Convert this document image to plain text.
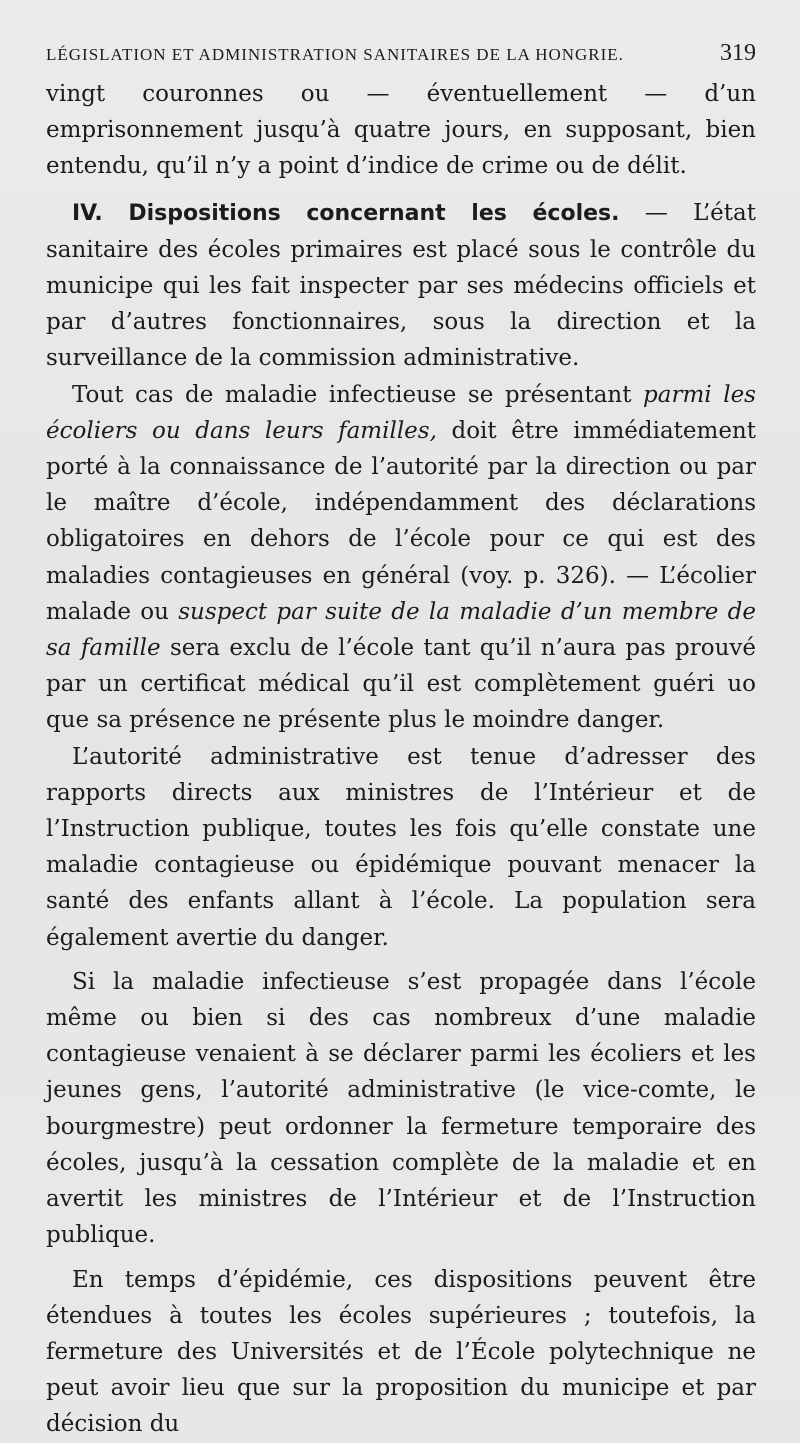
LÉGISLATION ET ADMINISTRATION SANITAIRES DE LA HONGRIE.	319

vingt couronnes ou — éventuellement — d’un emprisonnement jusqu’à quatre jours, en supposant, bien entendu, qu’il n’y a point d’indice de crime ou de délit.

IV. Dispositions concernant les écoles. — L’état sanitaire des écoles primaires est placé sous le contrôle du municipe qui les fait inspecter par ses médecins officiels et par d’autres fonctionnaires, sous la direction et la surveillance de la commission administrative.

Tout cas de maladie infectieuse se présentant parmi les écoliers ou dans leurs familles, doit être immédiatement porté à la connaissance de l’autorité par la direction ou par le maître d’école, indépendamment des déclarations obligatoires en dehors de l’école pour ce qui est des maladies contagieuses en général (voy. p. 326). — L’écolier malade ou suspect par suite de la maladie d’un membre de sa famille sera exclu de l’école tant qu’il n’aura pas prouvé par un certificat médical qu’il est complètement guéri uo que sa présence ne présente plus le moindre danger.

L’autorité administrative est tenue d’adresser des rapports directs aux ministres de l’Intérieur et de l’Instruction publique, toutes les fois qu’elle constate une maladie contagieuse ou épidémique pouvant menacer la santé des enfants allant à l’école. La population sera également avertie du danger.

Si la maladie infectieuse s’est propagée dans l’école même ou bien si des cas nombreux d’une maladie contagieuse venaient à se déclarer parmi les écoliers et les jeunes gens, l’autorité administrative (le vice-comte, le bourgmestre) peut ordonner la fermeture temporaire des écoles, jusqu’à la cessation complète de la maladie et en avertit les ministres de l’Intérieur et de l’Instruction publique.

En temps d’épidémie, ces dispositions peuvent être étendues à toutes les écoles supérieures ; toutefois, la fermeture des Universités et de l’École polytechnique ne peut avoir lieu que sur la proposition du municipe et par décision du
